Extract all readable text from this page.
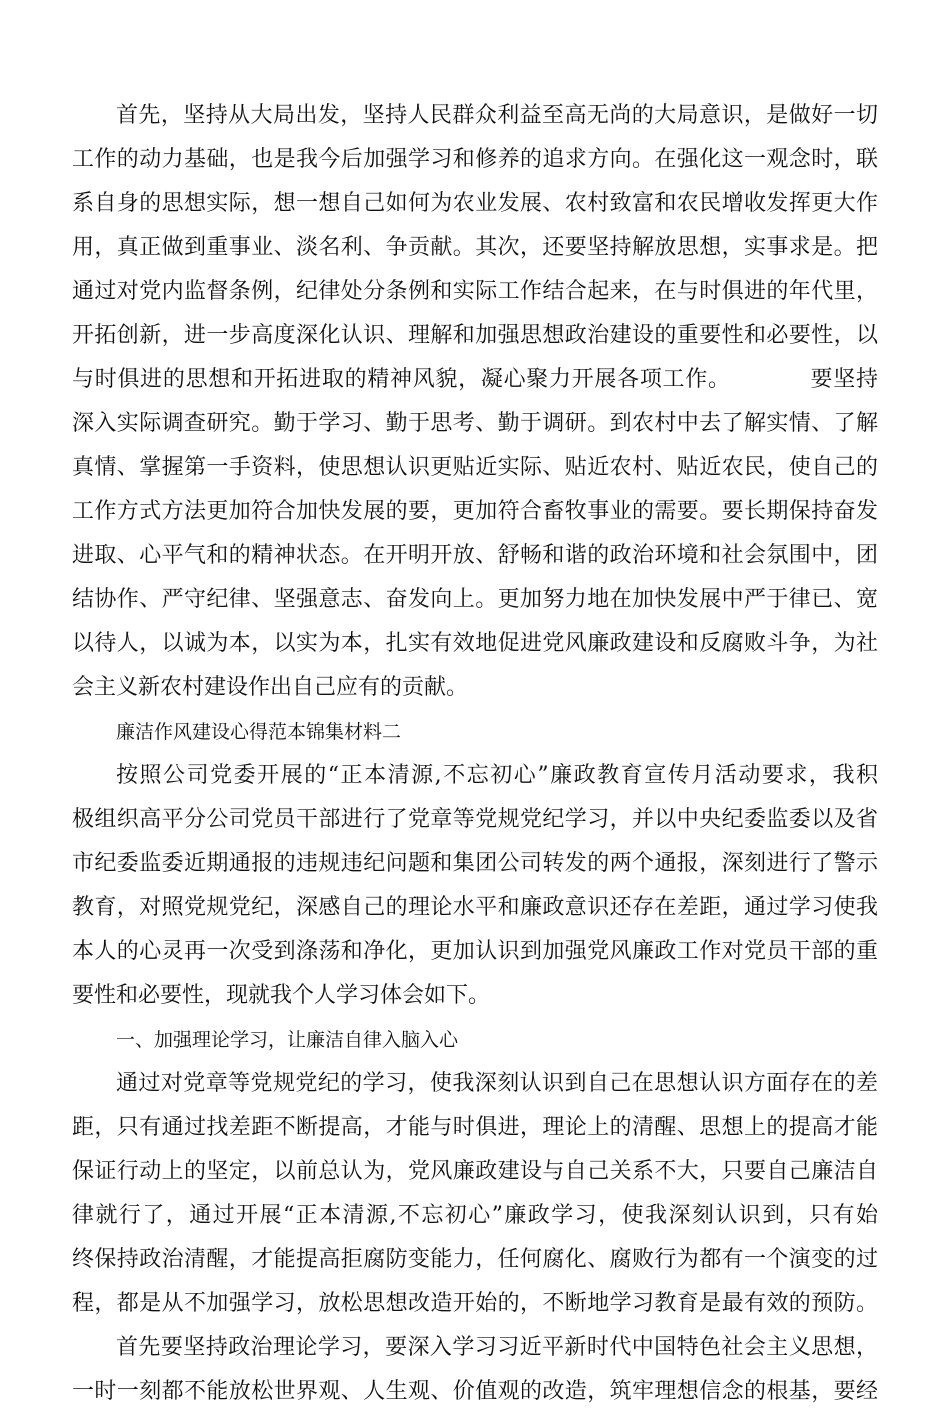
首先，坚持从大局出发，坚持人民群众利益至高无尚的大局意识，是做好一切
工作的动力基础，也是我今后加强学习和修养的追求方向。在强化这一观念时，联
系自身的思想实际，想一想自己如何为农业发展、农村致富和农民增收发挥更大作
用，真正做到重事业、淡名利、争贡献。其次，还要坚持解放思想，实事求是。把
通过对党内监督条例，纪律处分条例和实际工作结合起来，在与时俱进的年代里，
开拓创新，进一步高度深化认识、理解和加强思想政治建设的重要性和必要性，以
与时俱进的思想和开拓进取的精神风貌，凝心聚力开展各项工作。　　　　要坚持
深入实际调查研究。勤于学习、勤于思考、勤于调研。到农村中去了解实情、了解
真情、掌握第一手资料，使思想认识更贴近实际、贴近农村、贴近农民，使自己的
工作方式方法更加符合加快发展的要，更加符合畜牧事业的需要。要长期保持奋发
进取、心平气和的精神状态。在开明开放、舒畅和谐的政治环境和社会氛围中，团
结协作、严守纪律、坚强意志、奋发向上。更加努力地在加快发展中严于律已、宽
以待人，以诚为本，以实为本，扎实有效地促进党风廉政建设和反腐败斗争，为社
会主义新农村建设作出自己应有的贡献。
廉洁作风建设心得范本锦集材料二
按照公司党委开展的“正本清源,不忘初心”廉政教育宣传月活动要求，我积
极组织高平分公司党员干部进行了党章等党规党纪学习，并以中央纪委监委以及省
市纪委监委近期通报的违规违纪问题和集团公司转发的两个通报，深刻进行了警示
教育，对照党规党纪，深感自己的理论水平和廉政意识还存在差距，通过学习使我
本人的心灵再一次受到涤荡和净化，更加认识到加强党风廉政工作对党员干部的重
要性和必要性，现就我个人学习体会如下。
一、加强理论学习，让廉洁自律入脑入心
通过对党章等党规党纪的学习，使我深刻认识到自己在思想认识方面存在的差
距，只有通过找差距不断提高，才能与时俱进，理论上的清醒、思想上的提高才能
保证行动上的坚定，以前总认为，党风廉政建设与自己关系不大，只要自己廉洁自
律就行了，通过开展“正本清源,不忘初心”廉政学习，使我深刻认识到，只有始
终保持政治清醒，才能提高拒腐防变能力，任何腐化、腐败行为都有一个演变的过
程，都是从不加强学习，放松思想改造开始的，不断地学习教育是最有效的预防。
首先要坚持政治理论学习，要深入学习习近平新时代中国特色社会主义思想，
一时一刻都不能放松世界观、人生观、价值观的改造，筑牢理想信念的根基，要经
